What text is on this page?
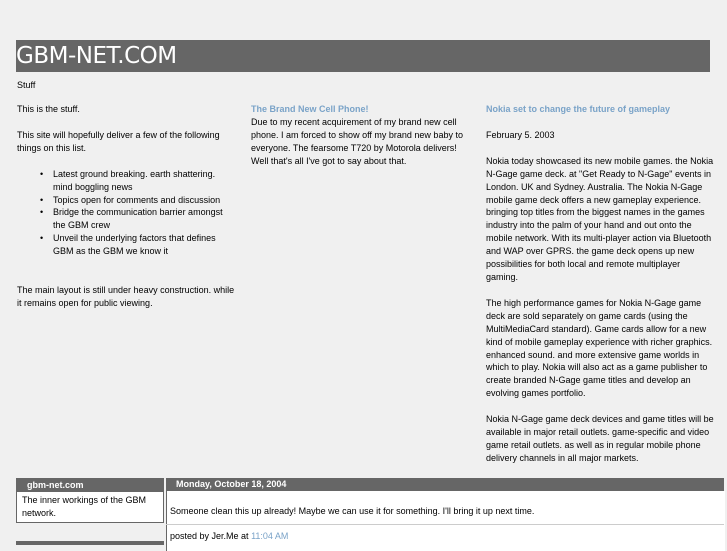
GBM-NET.COM
Stuff

This is the stuff.

This site will hopefully deliver a few of the following things on this list.

• Latest ground breaking. earth shattering. mind boggling news
• Topics open for comments and discussion
• Bridge the communication barrier amongst the GBM crew
• Unveil the underlying factors that defines GBM as the GBM we know it

The main layout is still under heavy construction. while it remains open for public viewing.

The Brand New Cell Phone!
Due to my recent acquirement of my brand new cell phone. I am forced to show off my brand new baby to everyone. The fearsome T720 by Motorola delivers! Well that's all I've got to say about that.

Nokia set to change the future of gameplay

February 5. 2003

Nokia today showcased its new mobile games. the Nokia N-Gage game deck. at "Get Ready to N-Gage" events in London. UK and Sydney. Australia. The Nokia N-Gage mobile game deck offers a new gameplay experience. bringing top titles from the biggest names in the games industry into the palm of your hand and out onto the mobile network. With its multi-player action via Bluetooth and WAP over GPRS. the game deck opens up new possibilities for both local and remote multiplayer gaming.

The high performance games for Nokia N-Gage game deck are sold separately on game cards (using the MultiMediaCard standard). Game cards allow for a new kind of mobile gameplay experience with richer graphics. enhanced sound. and more extensive game worlds in which to play. Nokia will also act as a game publisher to create branded N-Gage game titles and develop an evolving games portfolio.

Nokia N-Gage game deck devices and game titles will be available in major retail outlets. game-specific and video game retail outlets. as well as in regular mobile phone delivery channels in all major markets.

gbm-net.com
The inner workings of the GBM network.
Monday, October 18, 2004
Someone clean this up already! Maybe we can use it for something. I'll bring it up next time.
posted by Jer.Me at 11:04 AM
